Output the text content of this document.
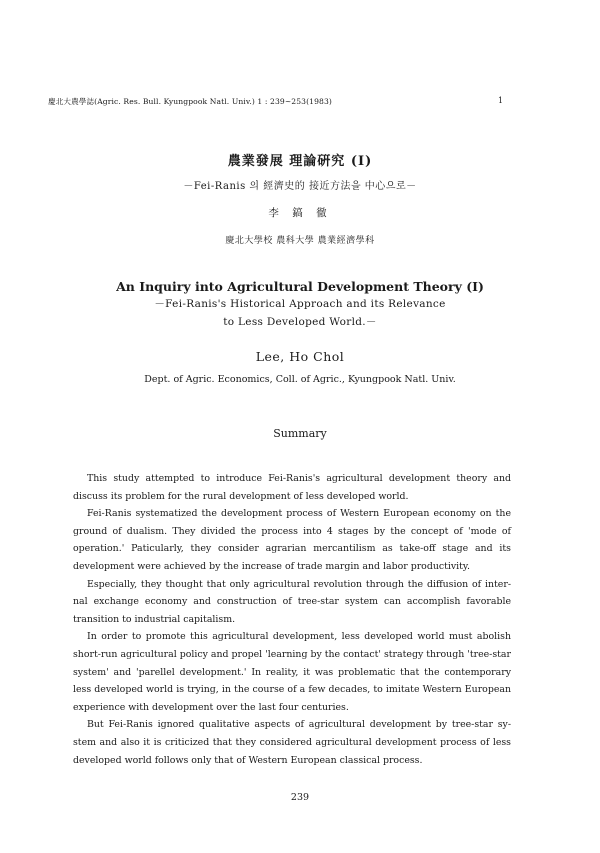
慶北大農學誌(Agric. Res. Bull. Kyungpook Natl. Univ.) 1 : 239~253(1983)	1
農業發展 理論硏究 (I)
－Fei-Ranis 의 經濟史的 接近方法을 中心으로－
李 鎬 徹
慶北大學校 農科大學 農業經濟學科
An Inquiry into Agricultural Development Theory (I)
－Fei-Ranis's Historical Approach and its Relevance
to Less Developed World.－
Lee, Ho Chol
Dept. of Agric. Economics, Coll. of Agric., Kyungpook Natl. Univ.
Summary

This study attempted to introduce Fei-Ranis's agricultural development theory and discuss its problem for the rural development of less developed world.

Fei-Ranis systematized the development process of Western European economy on the ground of dualism. They divided the process into 4 stages by the concept of 'mode of operation.' Paticularly, they consider agrarian mercantilism as take-off stage and its development were achieved by the increase of trade margin and labor productivity.

Especially, they thought that only agricultural revolution through the diffusion of inter-nal exchange economy and construction of tree-star system can accomplish favorable transition to industrial capitalism.

In order to promote this agricultural development, less developed world must abolish short-run agricultural policy and propel 'learning by the contact' strategy through 'tree-star system' and 'parellel development.' In reality, it was problematic that the contemporary less developed world is trying, in the course of a few decades, to imitate Western European experience with development over the last four centuries.

But Fei-Ranis ignored qualitative aspects of agricultural development by tree-star sy-stem and also it is criticized that they considered agricultural development process of less developed world follows only that of Western European classical process.

239
